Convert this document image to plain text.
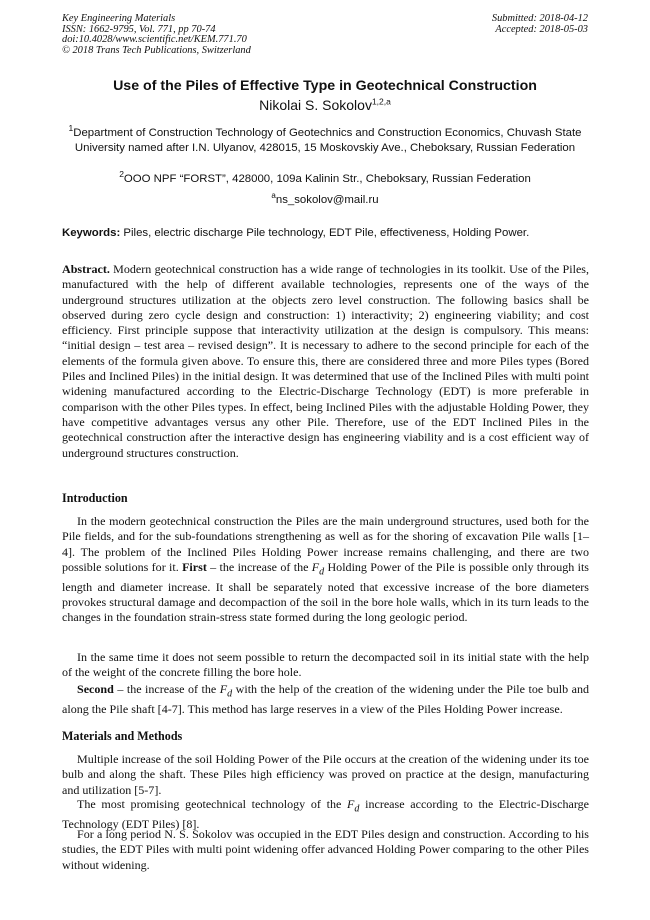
Key Engineering Materials
ISSN: 1662-9795, Vol. 771, pp 70-74
doi:10.4028/www.scientific.net/KEM.771.70
© 2018 Trans Tech Publications, Switzerland
Submitted: 2018-04-12
Accepted: 2018-05-03
Use of the Piles of Effective Type in Geotechnical Construction
Nikolai S. Sokolov$^{1,2,a}$
$^1$Department of Construction Technology of Geotechnics and Construction Economics, Chuvash State University named after I.N. Ulyanov, 428015, 15 Moskovskiy Ave., Cheboksary, Russian Federation
$^2$OOO NPF “FORST”, 428000, 109a Kalinin Str., Cheboksary, Russian Federation
$^a$ns_sokolov@mail.ru
Keywords: Piles, electric discharge Pile technology, EDT Pile, effectiveness, Holding Power.

Abstract. Modern geotechnical construction has a wide range of technologies in its toolkit. Use of the Piles, manufactured with the help of different available technologies, represents one of the ways of the underground structures utilization at the objects zero level construction. The following basics shall be observed during zero cycle design and construction: 1) interactivity; 2) engineering viability; and cost efficiency. First principle suppose that interactivity utilization at the design is compulsory. This means: “initial design – test area – revised design”. It is necessary to adhere to the second principle for each of the elements of the formula given above. To ensure this, there are considered three and more Piles types (Bored Piles and Inclined Piles) in the initial design. It was determined that use of the Inclined Piles with multi point widening manufactured according to the Electric-Discharge Technology (EDT) is more preferable in comparison with the other Piles types. In effect, being Inclined Piles with the adjustable Holding Power, they have competitive advantages versus any other Pile. Therefore, use of the EDT Inclined Piles in the geotechnical construction after the interactive design has engineering viability and is a cost efficient way of underground structures construction.

Introduction

In the modern geotechnical construction the Piles are the main underground structures, used both for the Pile fields, and for the sub-foundations strengthening as well as for the shoring of excavation Pile walls [1–4]. The problem of the Inclined Piles Holding Power increase remains challenging, and there are two possible solutions for it. First – the increase of the $F_d$ Holding Power of the Pile is possible only through its length and diameter increase. It shall be separately noted that excessive increase of the bore diameters provokes structural damage and decompaction of the soil in the bore hole walls, which in its turn leads to the changes in the foundation strain-stress state formed during the long geologic period.

In the same time it does not seem possible to return the decompacted soil in its initial state with the help of the weight of the concrete filling the bore hole.

Second – the increase of the $F_d$ with the help of the creation of the widening under the Pile toe bulb and along the Pile shaft [4-7]. This method has large reserves in a view of the Piles Holding Power increase.

Materials and Methods

Multiple increase of the soil Holding Power of the Pile occurs at the creation of the widening under its toe bulb and along the shaft. These Piles high efficiency was proved on practice at the design, manufacturing and utilization [5-7].

The most promising geotechnical technology of the $F_d$ increase according to the Electric-Discharge Technology (EDT Piles) [8].

For a long period N. S. Sokolov was occupied in the EDT Piles design and construction. According to his studies, the EDT Piles with multi point widening offer advanced Holding Power comparing to the other Piles without widening.
